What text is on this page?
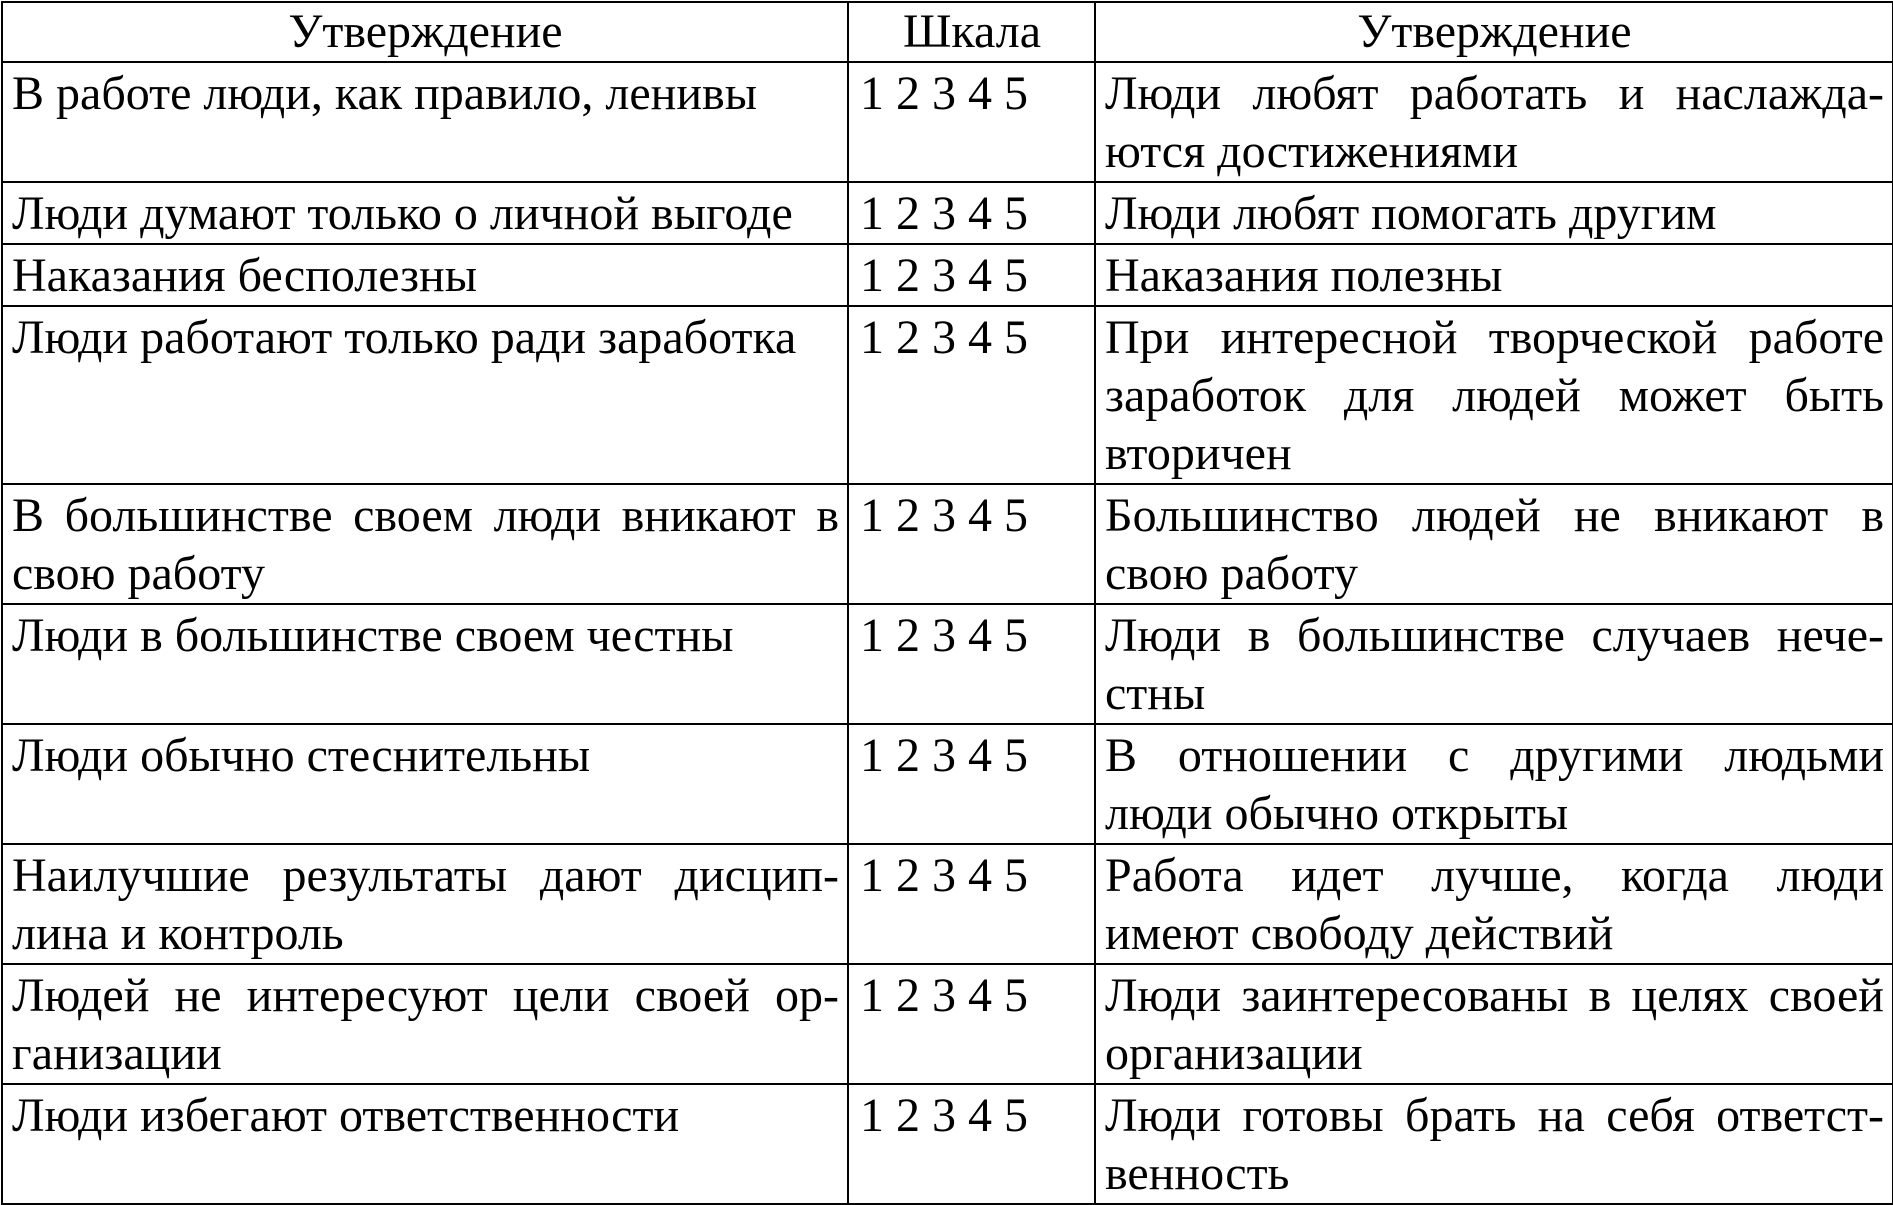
Утверждение	Шкала	Утверждение
В работе люди, как правило, ленивы	1 2 3 4 5	Люди любят работать и наслаждаются достижениями
Люди думают только о личной выгоде	1 2 3 4 5	Люди любят помогать другим
Наказания бесполезны	1 2 3 4 5	Наказания полезны
Люди работают только ради заработка	1 2 3 4 5	При интересной творческой работе заработок для людей может быть вторичен
В большинстве своем люди вникают в свою работу	1 2 3 4 5	Большинство людей не вникают в свою работу
Люди в большинстве своем честны	1 2 3 4 5	Люди в большинстве случаев нечестны
Люди обычно стеснительны	1 2 3 4 5	В отношении с другими людьми люди обычно открыты
Наилучшие результаты дают дисциплина и контроль	1 2 3 4 5	Работа идет лучше, когда люди имеют свободу действий
Людей не интересуют цели своей организации	1 2 3 4 5	Люди заинтересованы в целях своей организации
Люди избегают ответственности	1 2 3 4 5	Люди готовы брать на себя ответственность
